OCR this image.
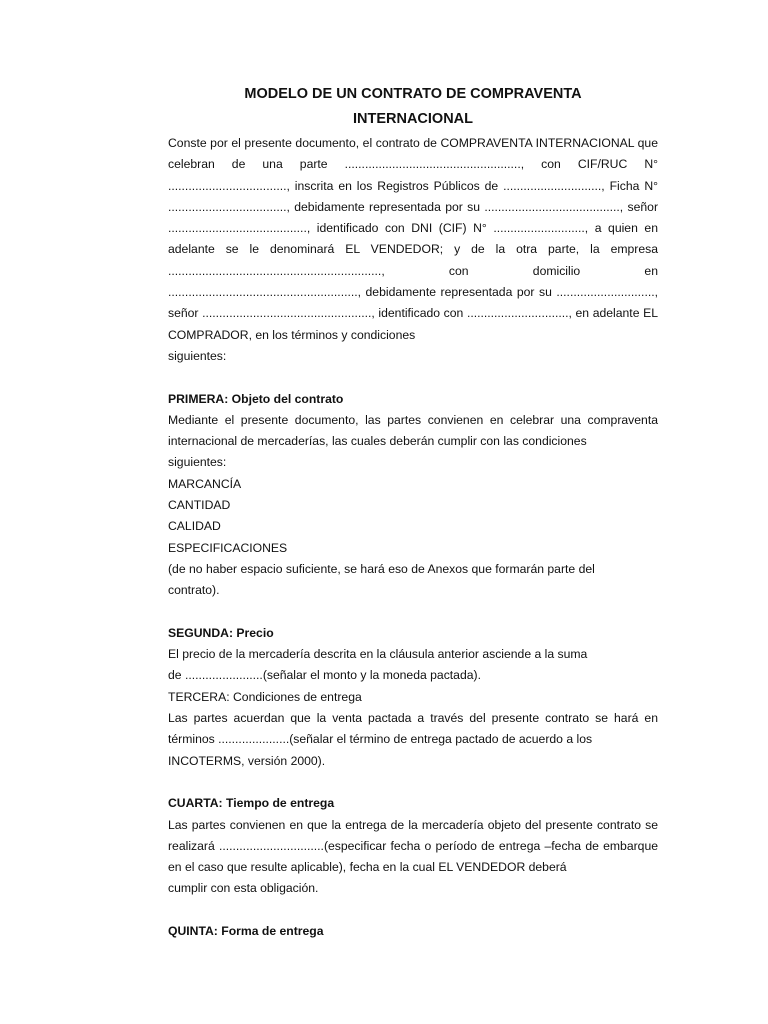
MODELO DE UN CONTRATO DE COMPRAVENTA
INTERNACIONAL

Conste por el presente documento, el contrato de COMPRAVENTA INTERNACIONAL que celebran de una parte ...................................................., con CIF/RUC N° ..................................., inscrita en los Registros Públicos de ............................., Ficha N° ..................................., debidamente representada por su ........................................, señor ........................................., identificado con DNI (CIF) N° ..........................., a quien en adelante se le denominará EL VENDEDOR; y de la otra parte, la empresa ..............................................................., con domicilio en ........................................................, debidamente representada por su ............................., señor .................................................., identificado con .............................., en adelante EL COMPRADOR, en los términos y condiciones
siguientes:

PRIMERA: Objeto del contrato

Mediante el presente documento, las partes convienen en celebrar una compraventa internacional de mercaderías, las cuales deberán cumplir con las condiciones
siguientes:

MARCANCÍA

CANTIDAD

CALIDAD

ESPECIFICACIONES

(de no haber espacio suficiente, se hará eso de Anexos que formarán parte del
contrato).

SEGUNDA: Precio

El precio de la mercadería descrita en la cláusula anterior asciende a la suma
de .......................(señalar el monto y la moneda pactada).

TERCERA: Condiciones de entrega

Las partes acuerdan que la venta pactada a través del presente contrato se hará en términos .....................(señalar el término de entrega pactado de acuerdo a los
INCOTERMS, versión 2000).

CUARTA: Tiempo de entrega

Las partes convienen en que la entrega de la mercadería objeto del presente contrato se realizará ...............................(especificar fecha o período de entrega –fecha de embarque en el caso que resulte aplicable), fecha en la cual EL VENDEDOR deberá
cumplir con esta obligación.

QUINTA: Forma de entrega
